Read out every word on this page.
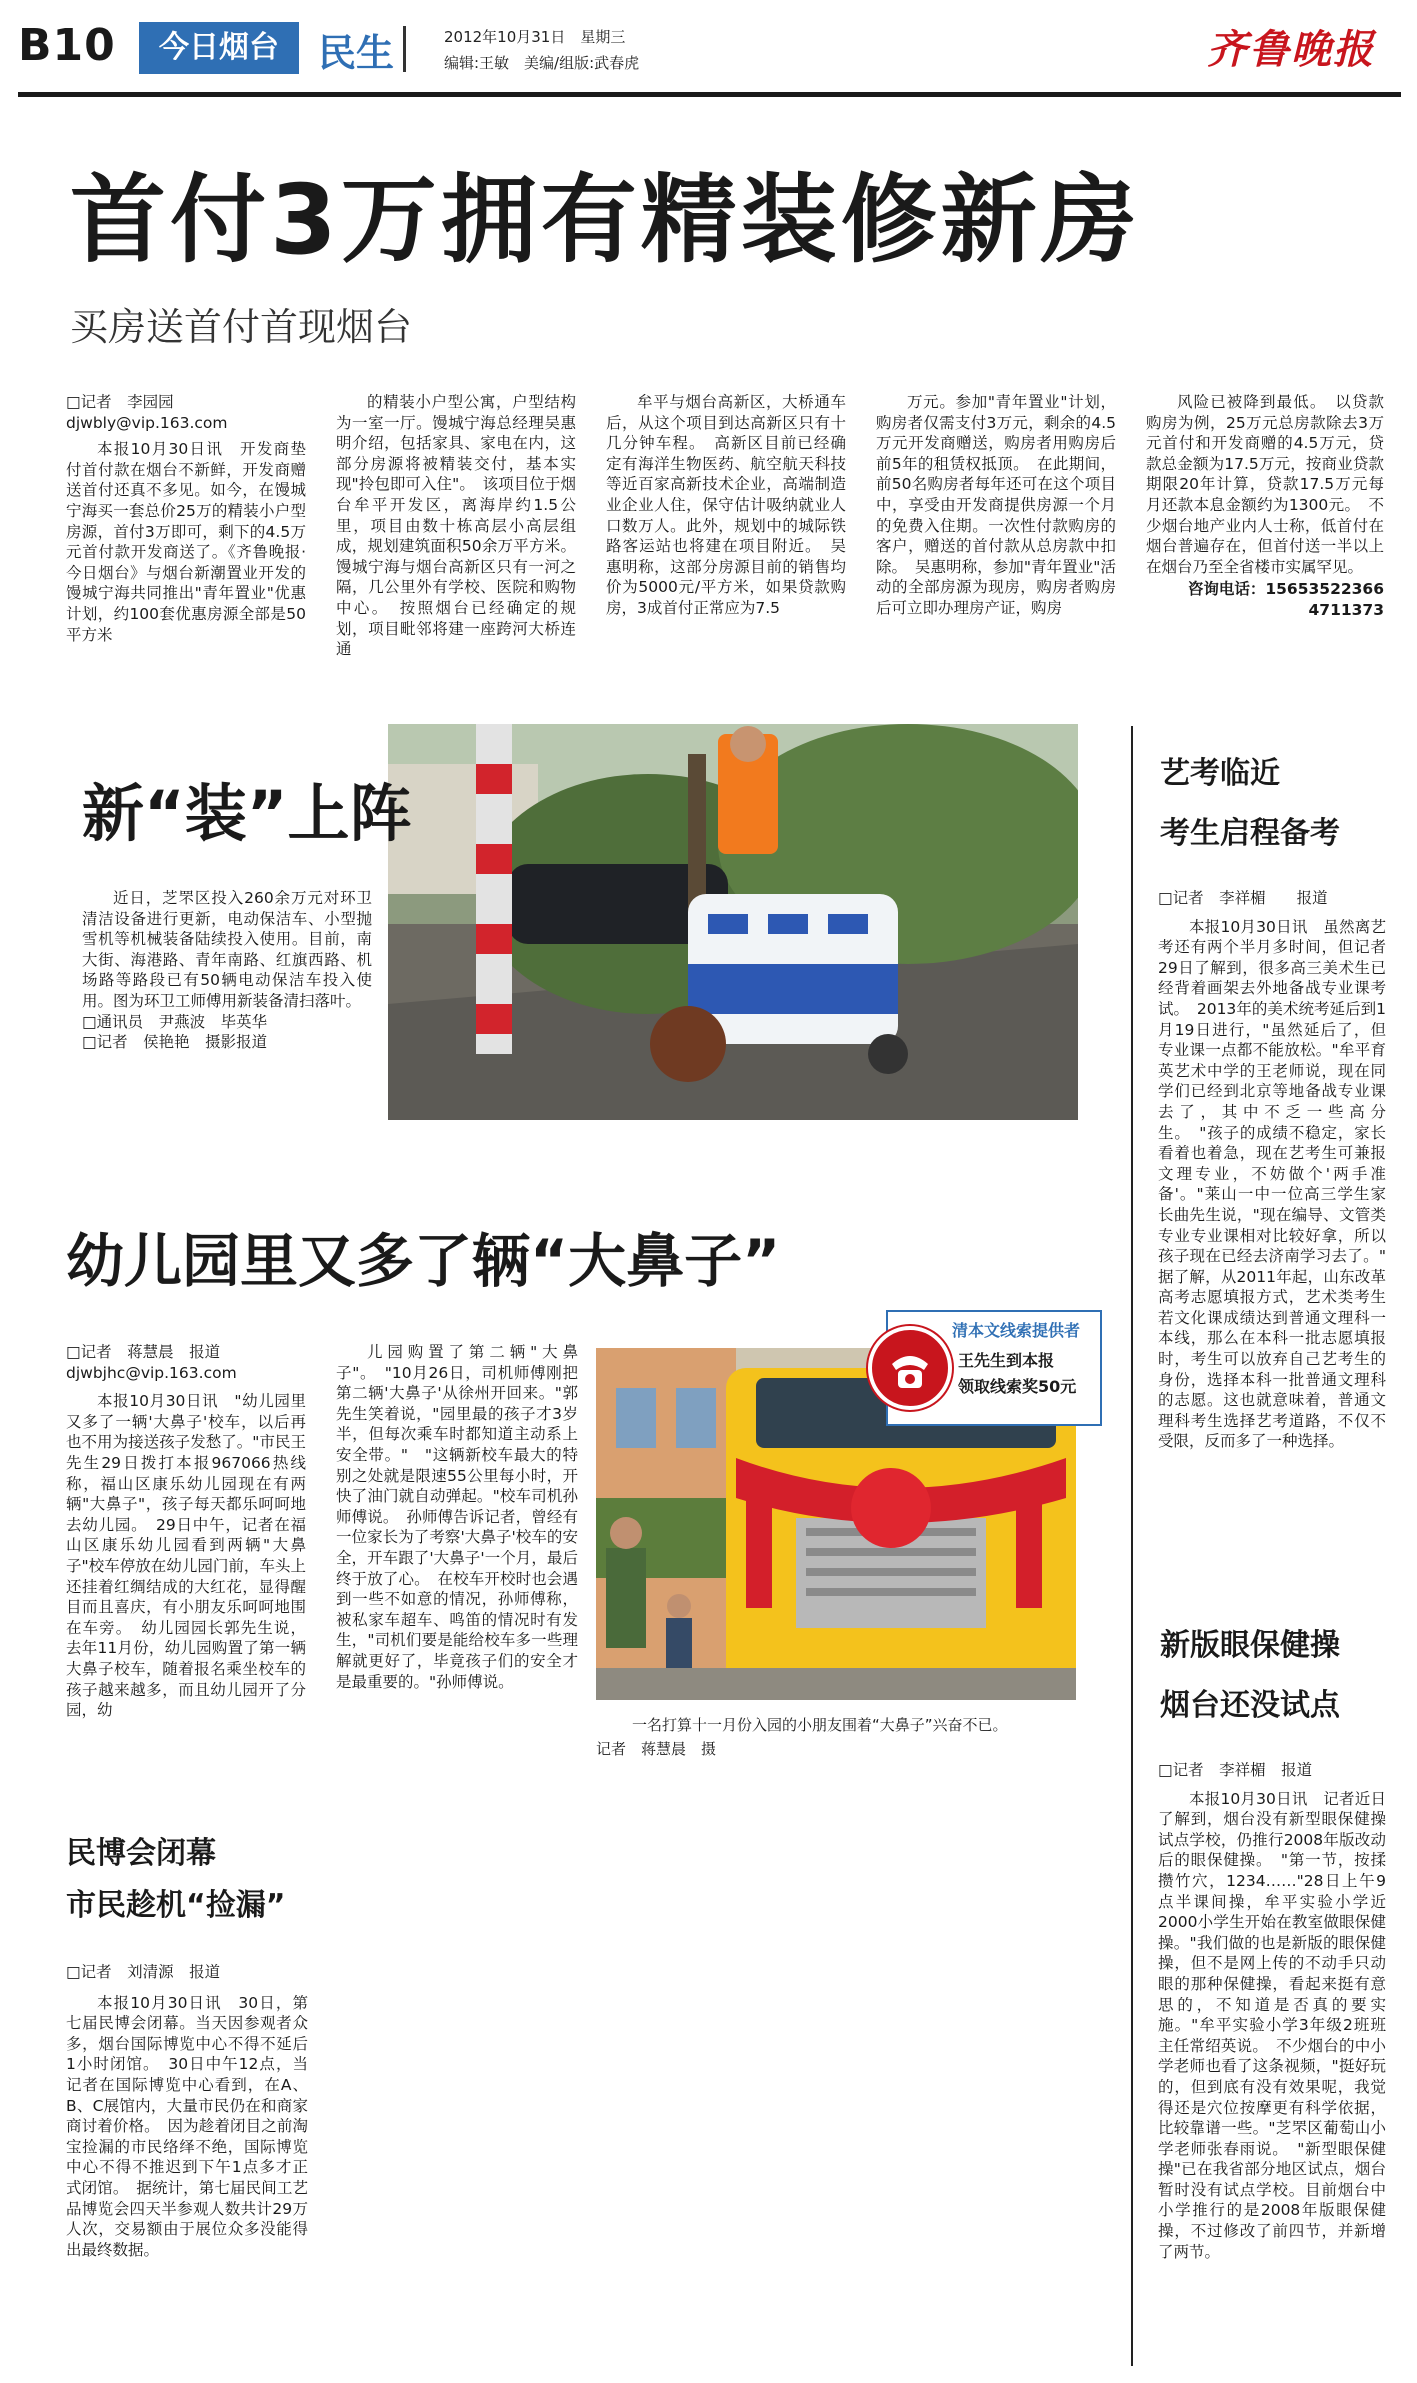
B10	今日烟台	民生	2012年10月31日　星期三
编辑:王敏　美编/组版:武春虎	齐鲁晚报
首付3万拥有精装修新房
买房送首付首现烟台

□记者　李园园

djwbly@vip.163.com

本报10月30日讯　开发商垫付首付款在烟台不新鲜，开发商赠送首付还真不多见。如今，在馒城宁海买一套总价25万的精装小户型房源，首付3万即可，剩下的4.5万元首付款开发商送了。《齐鲁晚报·今日烟台》与烟台新潮置业开发的馒城宁海共同推出"青年置业"优惠计划，约100套优惠房源全部是50平方米

的精装小户型公寓，户型结构为一室一厅。馒城宁海总经理吴惠明介绍，包括家具、家电在内，这部分房源将被精装交付，基本实现"拎包即可入住"。　该项目位于烟台牟平开发区，离海岸约1.5公里，项目由数十栋高层小高层组成，规划建筑面积50余万平方米。馒城宁海与烟台高新区只有一河之隔，几公里外有学校、医院和购物中心。　按照烟台已经确定的规划，项目毗邻将建一座跨河大桥连通

牟平与烟台高新区，大桥通车后，从这个项目到达高新区只有十几分钟车程。　高新区目前已经确定有海洋生物医药、航空航天科技等近百家高新技术企业，高端制造业企业人住，保守估计吸纳就业人口数万人。此外，规划中的城际铁路客运站也将建在项目附近。　吴惠明称，这部分房源目前的销售均价为5000元/平方米，如果贷款购房，3成首付正常应为7.5

万元。参加"青年置业"计划，购房者仅需支付3万元，剩余的4.5万元开发商赠送，购房者用购房后前5年的租赁权抵顶。　在此期间，前50名购房者每年还可在这个项目中，享受由开发商提供房源一个月的免费入住期。一次性付款购房的客户，赠送的首付款从总房款中扣除。　吴惠明称，参加"青年置业"活动的全部房源为现房，购房者购房后可立即办理房产证，购房

风险已被降到最低。　以贷款购房为例，25万元总房款除去3万元首付和开发商赠的4.5万元，贷款总金额为17.5万元，按商业贷款期限20年计算，贷款17.5万元每月还款本息金额约为1300元。　不少烟台地产业内人士称，低首付在烟台普遍存在，但首付送一半以上在烟台乃至全省楼市实属罕见。

咨询电话：15653522366

4711373

新“装”上阵

近日，芝罘区投入260余万元对环卫清洁设备进行更新，电动保洁车、小型抛雪机等机械装备陆续投入使用。目前，南大街、海港路、青年南路、红旗西路、机场路等路段已有50辆电动保洁车投入使用。图为环卫工师傅用新装备清扫落叶。

□通讯员　尹燕波　毕英华

□记者　侯艳艳　摄影报道

幼儿园里又多了辆“大鼻子”

□记者　蒋慧晨　报道

djwbjhc@vip.163.com

本报10月30日讯　"幼儿园里又多了一辆'大鼻子'校车，以后再也不用为接送孩子发愁了。"市民王先生29日拨打本报967066热线称，福山区康乐幼儿园现在有两辆"大鼻子"，孩子每天都乐呵呵地去幼儿园。　29日中午，记者在福山区康乐幼儿园看到两辆"大鼻子"校车停放在幼儿园门前，车头上还挂着红绸结成的大红花，显得醒目而且喜庆，有小朋友乐呵呵地围在车旁。　幼儿园园长郭先生说，去年11月份，幼儿园购置了第一辆大鼻子校车，随着报名乘坐校车的孩子越来越多，而且幼儿园开了分园，幼

儿园购置了第二辆"大鼻子"。　"10月26日，司机师傅刚把第二辆'大鼻子'从徐州开回来。"郭先生笑着说，"园里最的孩子才3岁半，但每次乘车时都知道主动系上安全带。"　"这辆新校车最大的特别之处就是限速55公里每小时，开快了油门就自动弹起。"校车司机孙师傅说。　孙师傅告诉记者，曾经有一位家长为了考察'大鼻子'校车的安全，开车跟了'大鼻子'一个月，最后终于放了心。　在校车开校时也会遇到一些不如意的情况，孙师傅称，被私家车超车、鸣笛的情况时有发生，"司机们要是能给校车多一些理解就更好了，毕竟孩子们的安全才是最重要的。"孙师傅说。

清本文线索提供者
王先生到本报
领取线索奖50元
一名打算十一月份入园的小朋友围着“大鼻子”兴奋不已。
记者　蒋慧晨　摄
民博会闭幕
市民趁机“捡漏”

□记者　刘清源　报道

本报10月30日讯　30日，第七届民博会闭幕。当天因参观者众多，烟台国际博览中心不得不延后1小时闭馆。　30日中午12点，当记者在国际博览中心看到，在A、B、C展馆内，大量市民仍在和商家商讨着价格。　因为趁着闭目之前淘宝捡漏的市民络绎不绝，国际博览中心不得不推迟到下午1点多才正式闭馆。　据统计，第七届民间工艺品博览会四天半参观人数共计29万人次，交易额由于展位众多没能得出最终数据。

艺考临近
考生启程备考

□记者　李祥楣　　报道

本报10月30日讯　虽然离艺考还有两个半月多时间，但记者29日了解到，很多高三美术生已经背着画架去外地备战专业课考试。　2013年的美术统考延后到1月19日进行，"虽然延后了，但专业课一点都不能放松。"牟平育英艺术中学的王老师说，现在同学们已经到北京等地备战专业课去了，其中不乏一些高分生。　"孩子的成绩不稳定，家长看着也着急，现在艺考生可兼报文理专业，不妨做个'两手准备'。"莱山一中一位高三学生家长曲先生说，"现在编导、文管类专业专业课相对比较好拿，所以孩子现在已经去济南学习去了。"　据了解，从2011年起，山东改革高考志愿填报方式，艺术类考生若文化课成绩达到普通文理科一本线，那么在本科一批志愿填报时，考生可以放弃自己艺考生的身份，选择本科一批普通文理科的志愿。这也就意味着，普通文理科考生选择艺考道路，不仅不受限，反而多了一种选择。

新版眼保健操
烟台还没试点

□记者　李祥楣　报道

本报10月30日讯　记者近日了解到，烟台没有新型眼保健操试点学校，仍推行2008年版改动后的眼保健操。　"第一节，按揉攒竹穴，1234……"28日上午9点半课间操，牟平实验小学近2000小学生开始在教室做眼保健操。"我们做的也是新版的眼保健操，但不是网上传的不动手只动眼的那种保健操，看起来挺有意思的，不知道是否真的要实施。"牟平实验小学3年级2班班主任常绍英说。　不少烟台的中小学老师也看了这条视频，"挺好玩的，但到底有没有效果呢，我觉得还是穴位按摩更有科学依据，比较靠谱一些。"芝罘区葡萄山小学老师张春雨说。　"新型眼保健操"已在我省部分地区试点，烟台暂时没有试点学校。目前烟台中小学推行的是2008年版眼保健操，不过修改了前四节，并新增了两节。
